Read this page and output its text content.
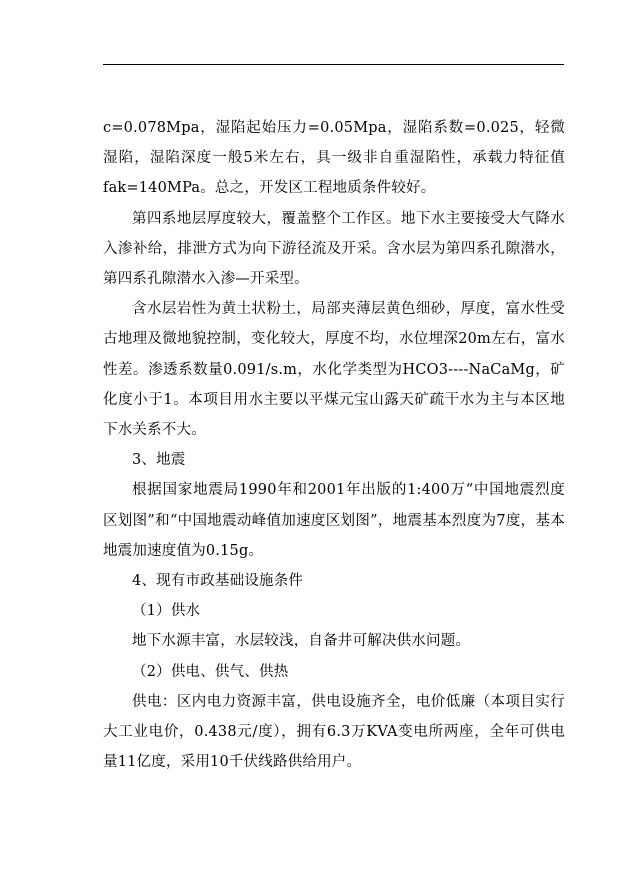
c=0.078Mpa，湿陷起始压力=0.05Mpa，湿陷系数=0.025，轻微湿陷，湿陷深度一般5米左右，具一级非自重湿陷性，承载力特征值fak=140MPa。总之，开发区工程地质条件较好。

第四系地层厚度较大，覆盖整个工作区。地下水主要接受大气降水入渗补给，排泄方式为向下游径流及开采。含水层为第四系孔隙潜水，第四系孔隙潜水入渗—开采型。

含水层岩性为黄土状粉土，局部夹薄层黄色细砂，厚度，富水性受古地理及微地貌控制，变化较大，厚度不均，水位埋深20m左右，富水性差。渗透系数量0.091/s.m，水化学类型为HCO3----NaCaMg，矿化度小于1。本项目用水主要以平煤元宝山露天矿疏干水为主与本区地下水关系不大。

3、地震

根据国家地震局1990年和2001年出版的1:400万“中国地震烈度区划图”和“中国地震动峰值加速度区划图”，地震基本烈度为7度，基本地震加速度值为0.15g。

4、现有市政基础设施条件

（1）供水

地下水源丰富，水层较浅，自备井可解决供水问题。

（2）供电、供气、供热

供电：区内电力资源丰富，供电设施齐全，电价低廉（本项目实行大工业电价，0.438元/度），拥有6.3万KVA变电所两座，全年可供电量11亿度，采用10千伏线路供给用户。
